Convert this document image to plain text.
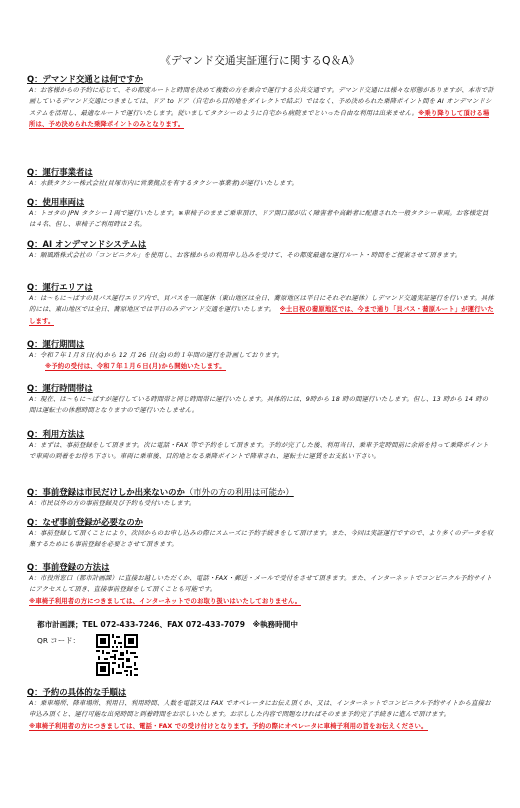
《デマンド交通実証運行に関するQ＆A》
Q：デマンド交通とは何ですか
A：お客様からの予約に応じて、その都度ルートと時間を決めて複数の方を乗合で運行する公共交通です。デマンド交通には様々な形態がありますが、本市で計画しているデマンド交通につきましては、ドア to ドア（自宅から目的地をダイレクトで結ぶ）ではなく、予め決められた乗降ポイント間を AI オンデマンドシステムを活用し、最適なルートで運行いたします。従いましてタクシーのように自宅から病院までといった自由な利用は出来ません。※乗り降りして頂ける場所は、予め決められた乗降ポイントのみとなります。
Q：運行事業者は
A：水鉄タクシー株式会社(貝塚市内に営業拠点を有するタクシー事業者)が運行いたします。
Q：使用車両は
A：トヨタの JPN タクシー１両で運行いたします。※車椅子のままご乗車頂け、ドア開口部が広く障害者や高齢者に配慮された一般タクシー車両。お客様定員は４名、但し、車椅子ご利用時は２名。
Q：AI オンデマンドシステムは
A：順風路株式会社の「コンビニクル」を使用し、お客様からの利用申し込みを受けて、その都度最適な運行ルート・時間をご提案させて頂きます。
Q：運行エリアは
A：は～もに～ばすの貝パス運行エリア内で、貝パスを一部運休（東山地区は全日、蕎原地区は平日にそれぞれ運休）しデマンド交通実証運行を行います。具体的には、東山地区では全日、蕎原地区では平日のみデマンド交通を運行いたします。 ※土日祝の蕎原地区では、今まで通り「貝パス・蕎原ルート」が運行いたします。
Q：運行期間は
A：令和７年１月８日(水)から 12 月 26 日(金)の約１年間の運行を計画しております。
※予約の受付は、令和７年１月６日(月)から開始いたします。
Q：運行時間帯は
A：現在、は～もに～ばすが運行している時間帯と同じ時間帯に運行いたします。具体的には、9時から 18 時の間運行いたします。但し、13 時から 14 時の間は運転士の休憩時間となりますので運行いたしません。
Q：利用方法は
A：まずは、事前登録をして頂きます。次に電話・FAX 等で予約をして頂きます。予約が完了した後、利用当日、乗車予定時間前に余裕を持って乗降ポイントで車両の到着をお待ち下さい。車両に乗車後、目的地となる乗降ポイントで降車され、運転士に運賃をお支払い下さい。
Q：事前登録は市民だけしか出来ないのか（市外の方の利用は可能か）
A：市民以外の方の事前登録及び予約も受付いたします。
Q：なぜ事前登録が必要なのか
A：事前登録して頂くことにより、次回からのお申し込みの際にスムーズに予約手続きをして頂けます。また、今回は実証運行ですので、より多くのデータを収集するためにも事前登録を必要とさせて頂きます。
Q：事前登録の方法は
A：市役所窓口（都市計画課）に直接お越しいただくか、電話・FAX・郵送・メールで受付をさせて頂きます。また、インターネットでコンビニクル予約サイトにアクセスして頂き、直接事前登録をして頂くことも可能です。
※車椅子利用者の方につきましては、インターネットでのお取り扱いはいたしておりません。
都市計画課；TEL 072-433-7246、FAX 072-433-7079　※執務時間中
QR コード：
Q：予約の具体的な手順は
A：乗車場所、降車場所、利用日、利用時間、人数を電話又は FAX でオペレータにお伝え頂くか、又は、インターネットでコンビニクル予約サイトから直接お申込み頂くと、運行可能な出発時間と到着時間をお示しいたします。お示しした内容で問題なければそのまま予約完了手続きに進んで頂けます。
※車椅子利用者の方につきましては、電話・FAX での受け付けとなります。予約の際にオペレータに車椅子利用の旨をお伝えください。
